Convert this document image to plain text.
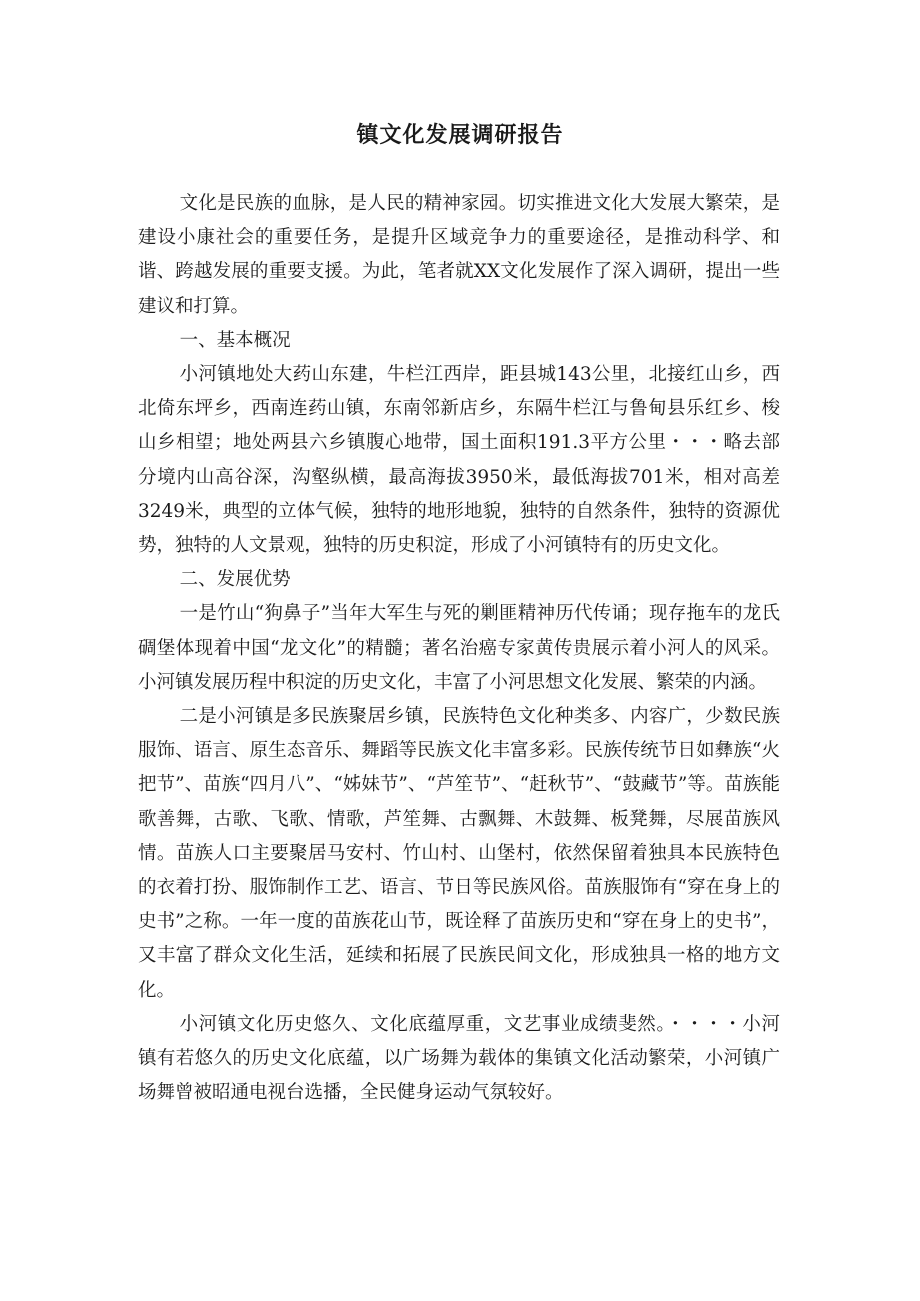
镇文化发展调研报告

文化是民族的血脉，是人民的精神家园。切实推进文化大发展大繁荣，是建设小康社会的重要任务，是提升区域竞争力的重要途径，是推动科学、和谐、跨越发展的重要支援。为此，笔者就XX文化发展作了深入调研，提出一些建议和打算。

一、基本概况

小河镇地处大药山东建，牛栏江西岸，距县城143公里，北接红山乡，西北倚东坪乡，西南连药山镇，东南邻新店乡，东隔牛栏江与鲁甸县乐红乡、梭山乡相望；地处两县六乡镇腹心地带，国土面积191.3平方公里・・・略去部分境内山高谷深，沟壑纵横，最高海拔3950米，最低海拔701米，相对高差3249米，典型的立体气候，独特的地形地貌，独特的自然条件，独特的资源优势，独特的人文景观，独特的历史积淀，形成了小河镇特有的历史文化。

二、发展优势

一是竹山“狗鼻子”当年大军生与死的剿匪精神历代传诵；现存拖车的龙氏碉堡体现着中国“龙文化”的精髓；著名治癌专家黄传贵展示着小河人的风采。小河镇发展历程中积淀的历史文化，丰富了小河思想文化发展、繁荣的内涵。

二是小河镇是多民族聚居乡镇，民族特色文化种类多、内容广，少数民族服饰、语言、原生态音乐、舞蹈等民族文化丰富多彩。民族传统节日如彝族“火把节”、苗族“四月八”、“姊妹节”、“芦笙节”、“赶秋节”、“鼓藏节”等。苗族能歌善舞，古歌、飞歌、情歌，芦笙舞、古飘舞、木鼓舞、板凳舞，尽展苗族风情。苗族人口主要聚居马安村、竹山村、山堡村，依然保留着独具本民族特色的衣着打扮、服饰制作工艺、语言、节日等民族风俗。苗族服饰有“穿在身上的史书”之称。一年一度的苗族花山节，既诠释了苗族历史和“穿在身上的史书”，又丰富了群众文化生活，延续和拓展了民族民间文化，形成独具一格的地方文化。

小河镇文化历史悠久、文化底蕴厚重，文艺事业成绩斐然。・・・・小河镇有若悠久的历史文化底蕴，以广场舞为载体的集镇文化活动繁荣，小河镇广场舞曾被昭通电视台选播，全民健身运动气氛较好。
